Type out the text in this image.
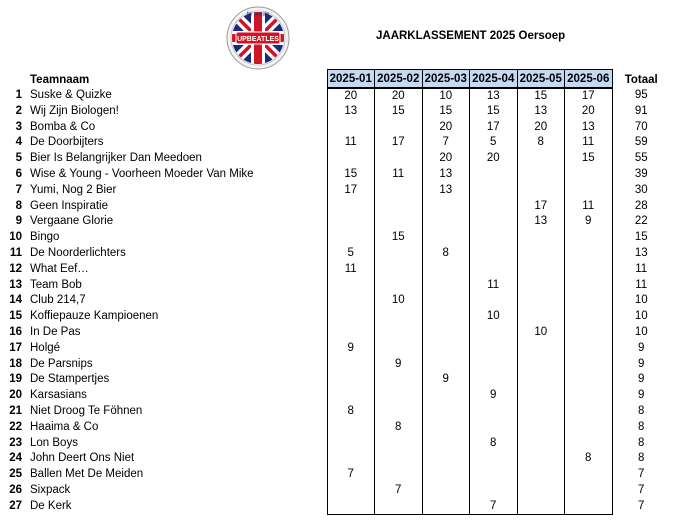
UPBEATLES
for people
JAARKLASSEMENT 2025 Oersoep
	Teamnaam	2025-01	2025-02	2025-03	2025-04	2025-05	2025-06	Totaal
1	Suske & Quizke	20	20	10	13	15	17	95
2	Wij Zijn Biologen!	13	15	15	15	13	20	91
3	Bomba & Co			20	17	20	13	70
4	De Doorbijters	11	17	7	5	8	11	59
5	Bier Is Belangrijker Dan Meedoen			20	20		15	55
6	Wise & Young - Voorheen Moeder Van Mike	15	11	13				39
7	Yumi, Nog 2 Bier	17		13				30
8	Geen Inspiratie					17	11	28
9	Vergaane Glorie					13	9	22
10	Bingo		15					15
11	De Noorderlichters	5		8				13
12	What Eef…	11						11
13	Team Bob				11			11
14	Club 214,7		10					10
15	Koffiepauze Kampioenen				10			10
16	In De Pas					10		10
17	Holgé	9						9
18	De Parsnips		9					9
19	De Stampertjes			9				9
20	Karsasians				9			9
21	Niet Droog Te Föhnen	8						8
22	Haaima & Co		8					8
23	Lon Boys				8			8
24	John Deert Ons Niet						8	8
25	Ballen Met De Meiden	7						7
26	Sixpack		7					7
27	De Kerk				7			7
